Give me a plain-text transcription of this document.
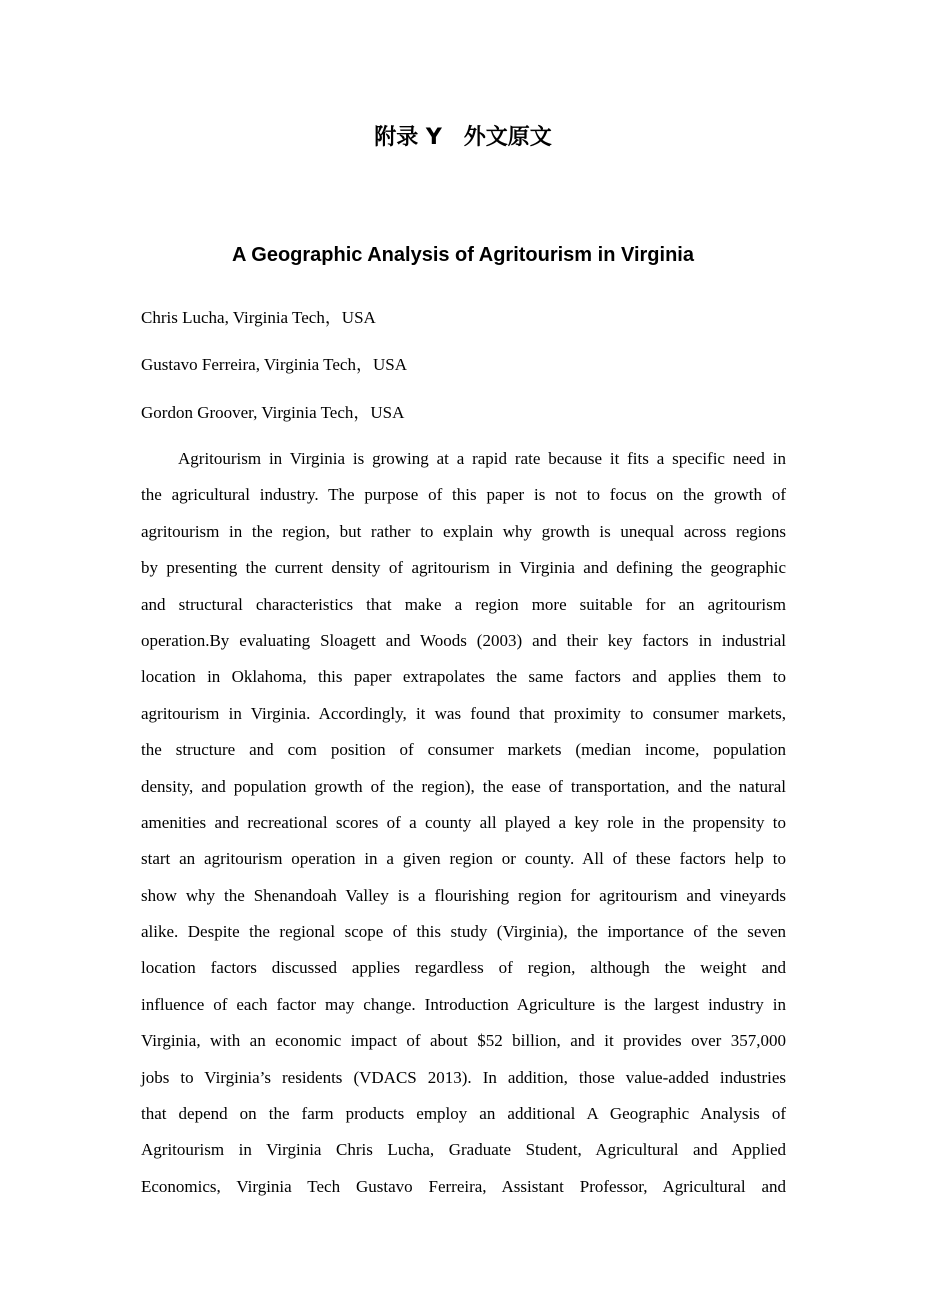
附录 Y 外文原文
A Geographic Analysis of Agritourism in Virginia

Chris Lucha, Virginia Tech，USA

Gustavo Ferreira, Virginia Tech，USA

Gordon Groover, Virginia Tech，USA

Agritourism in Virginia is growing at a rapid rate because it fits a specific need in
the agricultural industry. The purpose of this paper is not to focus on the growth of
agritourism in the region, but rather to explain why growth is unequal across regions
by presenting the current density of agritourism in Virginia and defining the geographic
and structural characteristics that make a region more suitable for an agritourism
operation.By evaluating Sloagett and Woods (2003) and their key factors in industrial
location in Oklahoma, this paper extrapolates the same factors and applies them to
agritourism in Virginia. Accordingly, it was found that proximity to consumer markets,
the structure and com position of consumer markets (median income, population
density, and population growth of the region), the ease of transportation, and the natural
amenities and recreational scores of a county all played a key role in the propensity to
start an agritourism operation in a given region or county. All of these factors help to
show why the Shenandoah Valley is a flourishing region for agritourism and vineyards
alike. Despite the regional scope of this study (Virginia), the importance of the seven
location factors discussed applies regardless of region, although the weight and
influence of each factor may change. Introduction Agriculture is the largest industry in
Virginia, with an economic impact of about $52 billion, and it provides over 357,000
jobs to Virginia’s residents (VDACS 2013). In addition, those value-added industries
that depend on the farm products employ an additional A Geographic Analysis of
Agritourism in Virginia Chris Lucha, Graduate Student, Agricultural and Applied
Economics, Virginia Tech Gustavo Ferreira, Assistant Professor, Agricultural and
